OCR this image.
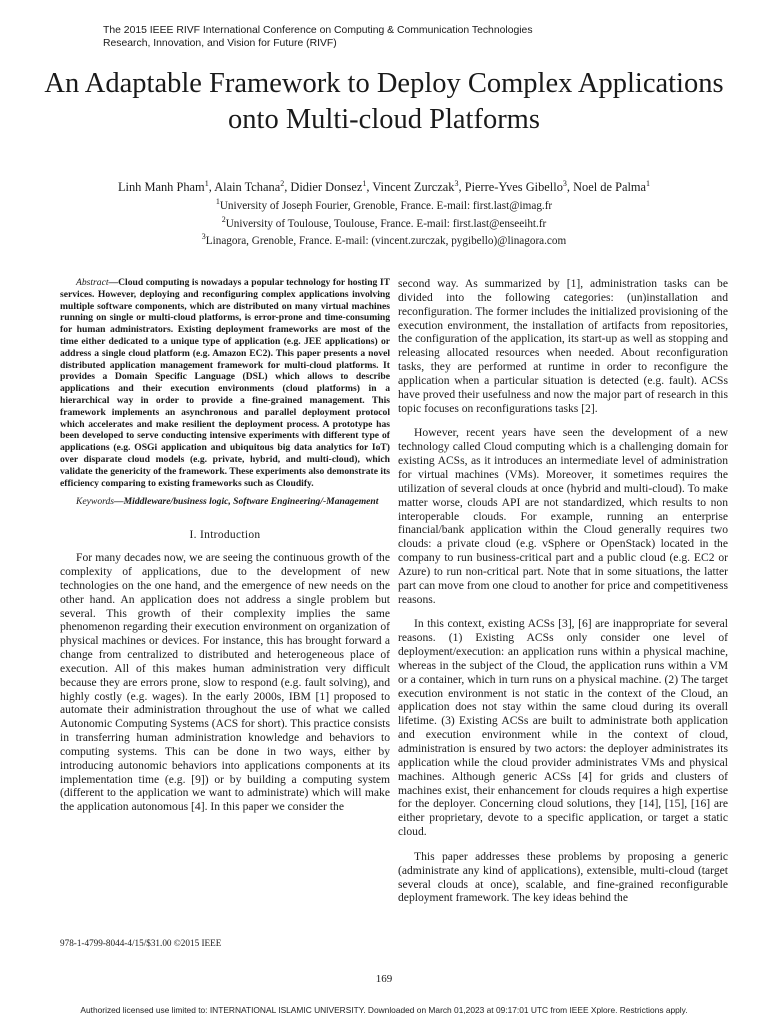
The 2015 IEEE RIVF International Conference on Computing & Communication Technologies
Research, Innovation, and Vision for Future (RIVF)
An Adaptable Framework to Deploy Complex Applications onto Multi-cloud Platforms
Linh Manh Pham$^1$, Alain Tchana$^2$, Didier Donsez$^1$, Vincent Zurczak$^3$, Pierre-Yves Gibello$^3$, Noel de Palma$^1$
$^1$University of Joseph Fourier, Grenoble, France. E-mail: first.last@imag.fr
$^2$University of Toulouse, Toulouse, France. E-mail: first.last@enseeiht.fr
$^3$Linagora, Grenoble, France. E-mail: (vincent.zurczak, pygibello)@linagora.com

Abstract—Cloud computing is nowadays a popular technology for hosting IT services. However, deploying and reconfiguring complex applications involving multiple software components, which are distributed on many virtual machines running on single or multi-cloud platforms, is error-prone and time-consuming for human administrators. Existing deployment frameworks are most of the time either dedicated to a unique type of application (e.g. JEE applications) or address a single cloud platform (e.g. Amazon EC2). This paper presents a novel distributed application management framework for multi-cloud platforms. It provides a Domain Specific Language (DSL) which allows to describe applications and their execution environments (cloud platforms) in a hierarchical way in order to provide a fine-grained management. This framework implements an asynchronous and parallel deployment protocol which accelerates and make resilient the deployment process. A prototype has been developed to serve conducting intensive experiments with different type of applications (e.g. OSGi application and ubiquitous big data analytics for IoT) over disparate cloud models (e.g. private, hybrid, and multi-cloud), which validate the genericity of the framework. These experiments also demonstrate its efficiency comparing to existing frameworks such as Cloudify.

Keywords—Middleware/business logic, Software Engineering/-Management

I. Introduction

For many decades now, we are seeing the continuous growth of the complexity of applications, due to the development of new technologies on the one hand, and the emergence of new needs on the other hand. An application does not address a single problem but several. This growth of their complexity implies the same phenomenon regarding their execution environment on organization of physical machines or devices. For instance, this has brought forward a change from centralized to distributed and heterogeneous place of execution. All of this makes human administration very difficult because they are errors prone, slow to respond (e.g. fault solving), and highly costly (e.g. wages). In the early 2000s, IBM [1] proposed to automate their administration throughout the use of what we called Autonomic Computing Systems (ACS for short). This practice consists in transferring human administration knowledge and behaviors to computing systems. This can be done in two ways, either by introducing autonomic behaviors into applications components at its implementation time (e.g. [9]) or by building a computing system (different to the application we want to administrate) which will make the application autonomous [4]. In this paper we consider the

second way. As summarized by [1], administration tasks can be divided into the following categories: (un)installation and reconfiguration. The former includes the initialized provisioning of the execution environment, the installation of artifacts from repositories, the configuration of the application, its start-up as well as stopping and releasing allocated resources when needed. About reconfiguration tasks, they are performed at runtime in order to reconfigure the application when a particular situation is detected (e.g. fault). ACSs have proved their usefulness and now the major part of research in this topic focuses on reconfigurations tasks [2].

However, recent years have seen the development of a new technology called Cloud computing which is a challenging domain for existing ACSs, as it introduces an intermediate level of administration for virtual machines (VMs). Moreover, it sometimes requires the utilization of several clouds at once (hybrid and multi-cloud). To make matter worse, clouds API are not standardized, which results to non interoperable clouds. For example, running an enterprise financial/bank application within the Cloud generally requires two clouds: a private cloud (e.g. vSphere or OpenStack) located in the company to run business-critical part and a public cloud (e.g. EC2 or Azure) to run non-critical part. Note that in some situations, the latter part can move from one cloud to another for price and competitiveness reasons.

In this context, existing ACSs [3], [6] are inappropriate for several reasons. (1) Existing ACSs only consider one level of deployment/execution: an application runs within a physical machine, whereas in the subject of the Cloud, the application runs within a VM or a container, which in turn runs on a physical machine. (2) The target execution environment is not static in the context of the Cloud, an application does not stay within the same cloud during its overall lifetime. (3) Existing ACSs are built to administrate both application and execution environment while in the context of cloud, administration is ensured by two actors: the deployer administrates its application while the cloud provider administrates VMs and physical machines. Although generic ACSs [4] for grids and clusters of machines exist, their enhancement for clouds requires a high expertise for the deployer. Concerning cloud solutions, they [14], [15], [16] are either proprietary, devote to a specific application, or target a static cloud.

This paper addresses these problems by proposing a generic (administrate any kind of applications), extensible, multi-cloud (target several clouds at once), scalable, and fine-grained reconfigurable deployment framework. The key ideas behind the

978-1-4799-8044-4/15/$31.00 ©2015 IEEE
169
Authorized licensed use limited to: INTERNATIONAL ISLAMIC UNIVERSITY. Downloaded on March 01,2023 at 09:17:01 UTC from IEEE Xplore. Restrictions apply.
